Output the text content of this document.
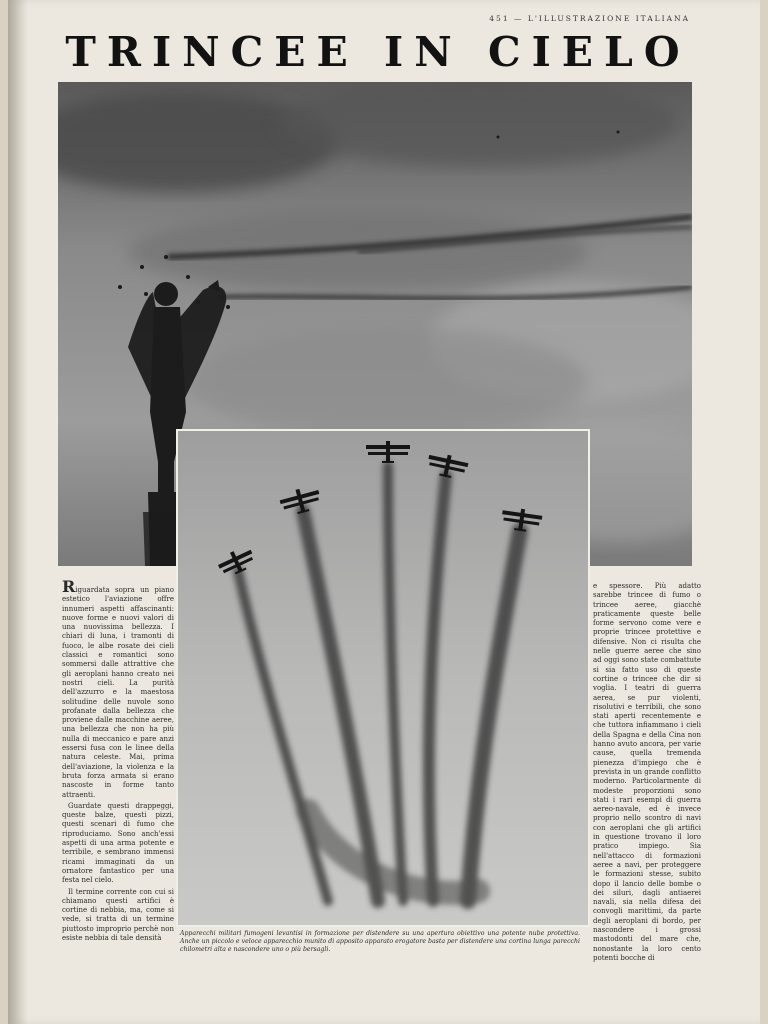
451 — L'ILLUSTRAZIONE ITALIANA
TRINCEE IN CIELO

Riguardata sopra un piano estetico l'aviazione offre innumeri aspetti affascinanti: nuove forme e nuovi valori di una nuovissima bellezza. I chiari di luna, i tramonti di fuoco, le albe rosate dei cieli classici e romantici sono sommersi dalle attrattive che gli aeroplani hanno creato nei nostri cieli. La purità dell'azzurro e la maestosa solitudine delle nuvole sono profanate dalla bellezza che proviene dalle macchine aeree, una bellezza che non ha più nulla di meccanico e pare anzi essersi fusa con le linee della natura celeste. Mai, prima dell'aviazione, la violenza e la bruta forza armata si erano nascoste in forme tanto attraenti.

Guardate questi drappeggi, queste balze, questi pizzi, questi scenari di fumo che riproduciamo. Sono anch'essi aspetti di una arma potente e terribile, e sembrano immensi ricami immaginati da un ornatore fantastico per una festa nel cielo.

Il termine corrente con cui si chiamano questi artifici è cortine di nebbia, ma, come si vede, si tratta di un termine piuttosto improprio perchè non esiste nebbia di tale densità

e spessore. Più adatto sarebbe trincee di fumo o trincee aeree, giacchè praticamente queste belle forme servono come vere e proprie trincee protettive e difensive. Non ci risulta che nelle guerre aeree che sino ad oggi sono state combattute si sia fatto uso di queste cortine o trincee che dir si voglia. I teatri di guerra aerea, se pur violenti, risolutivi e terribili, che sono stati aperti recentemente e che tuttora infiammano i cieli della Spagna e della Cina non hanno avuto ancora, per varie cause, quella tremenda pienezza d'impiego che è prevista in un grande conflitto moderno. Particolarmente di modeste proporzioni sono stati i rari esempi di guerra aereo-navale, ed è invece proprio nello scontro di navi con aeroplani che gli artifici in questione trovano il loro pratico impiego. Sia nell'attacco di formazioni aeree a navi, per proteggere le formazioni stesse, subito dopo il lancio delle bombe o dei siluri, dagli antiaerei navali, sia nella difesa dei convogli marittimi, da parte degli aeroplani di bordo, per nascondere i grossi mastodonti del mare che, nonostante la loro cento potenti bocche di

Apparecchi militari fumogeni levantisi in formazione per distendere su una apertura obiettivo una potente nube protettiva. Anche un piccolo e veloce apparecchio munito di apposito apparato erogatore basta per distendere una cortina lunga parecchi chilometri alta e nascondere uno o più bersagli.
